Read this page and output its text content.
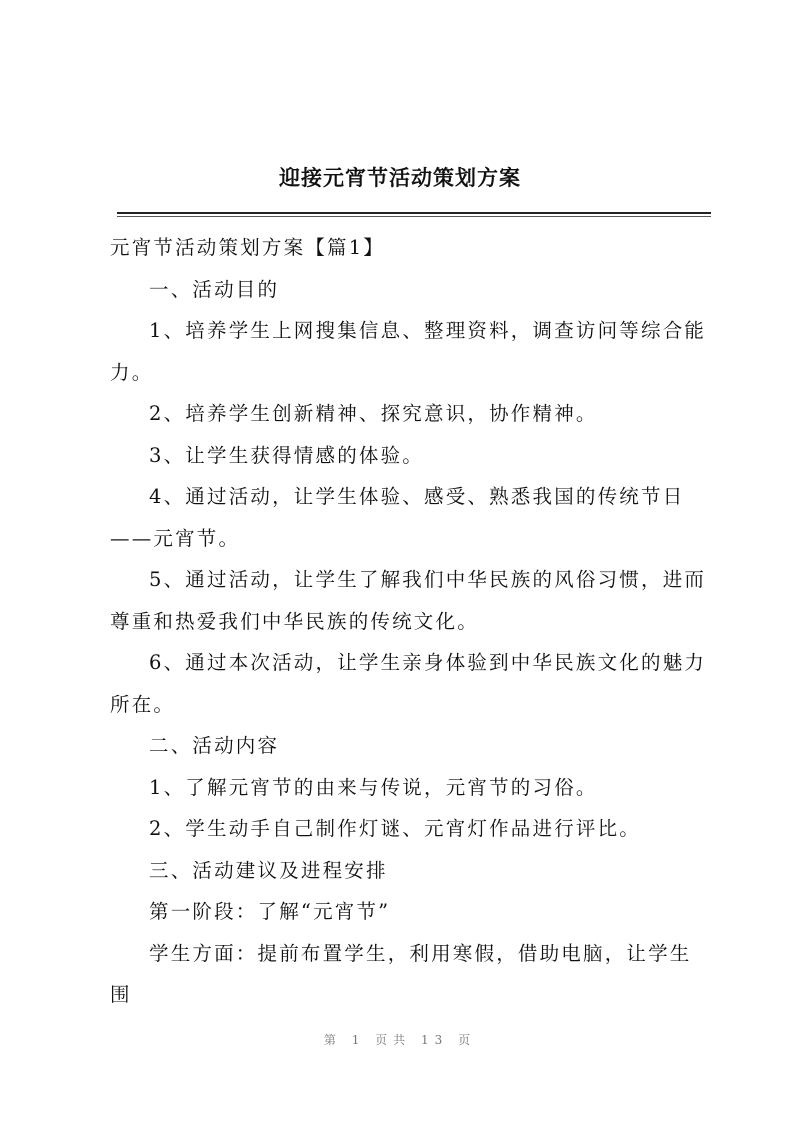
迎接元宵节活动策划方案

元宵节活动策划方案【篇1】

一、活动目的

1、培养学生上网搜集信息、整理资料，调查访问等综合能力。

2、培养学生创新精神、探究意识，协作精神。

3、让学生获得情感的体验。

4、通过活动，让学生体验、感受、熟悉我国的传统节日——元宵节。

5、通过活动，让学生了解我们中华民族的风俗习惯，进而尊重和热爱我们中华民族的传统文化。

6、通过本次活动，让学生亲身体验到中华民族文化的魅力所在。

二、活动内容

1、了解元宵节的由来与传说，元宵节的习俗。

2、学生动手自己制作灯谜、元宵灯作品进行评比。

三、活动建议及进程安排

第一阶段：了解“元宵节”

学生方面：提前布置学生，利用寒假，借助电脑，让学生围

第 1 页共 13 页
